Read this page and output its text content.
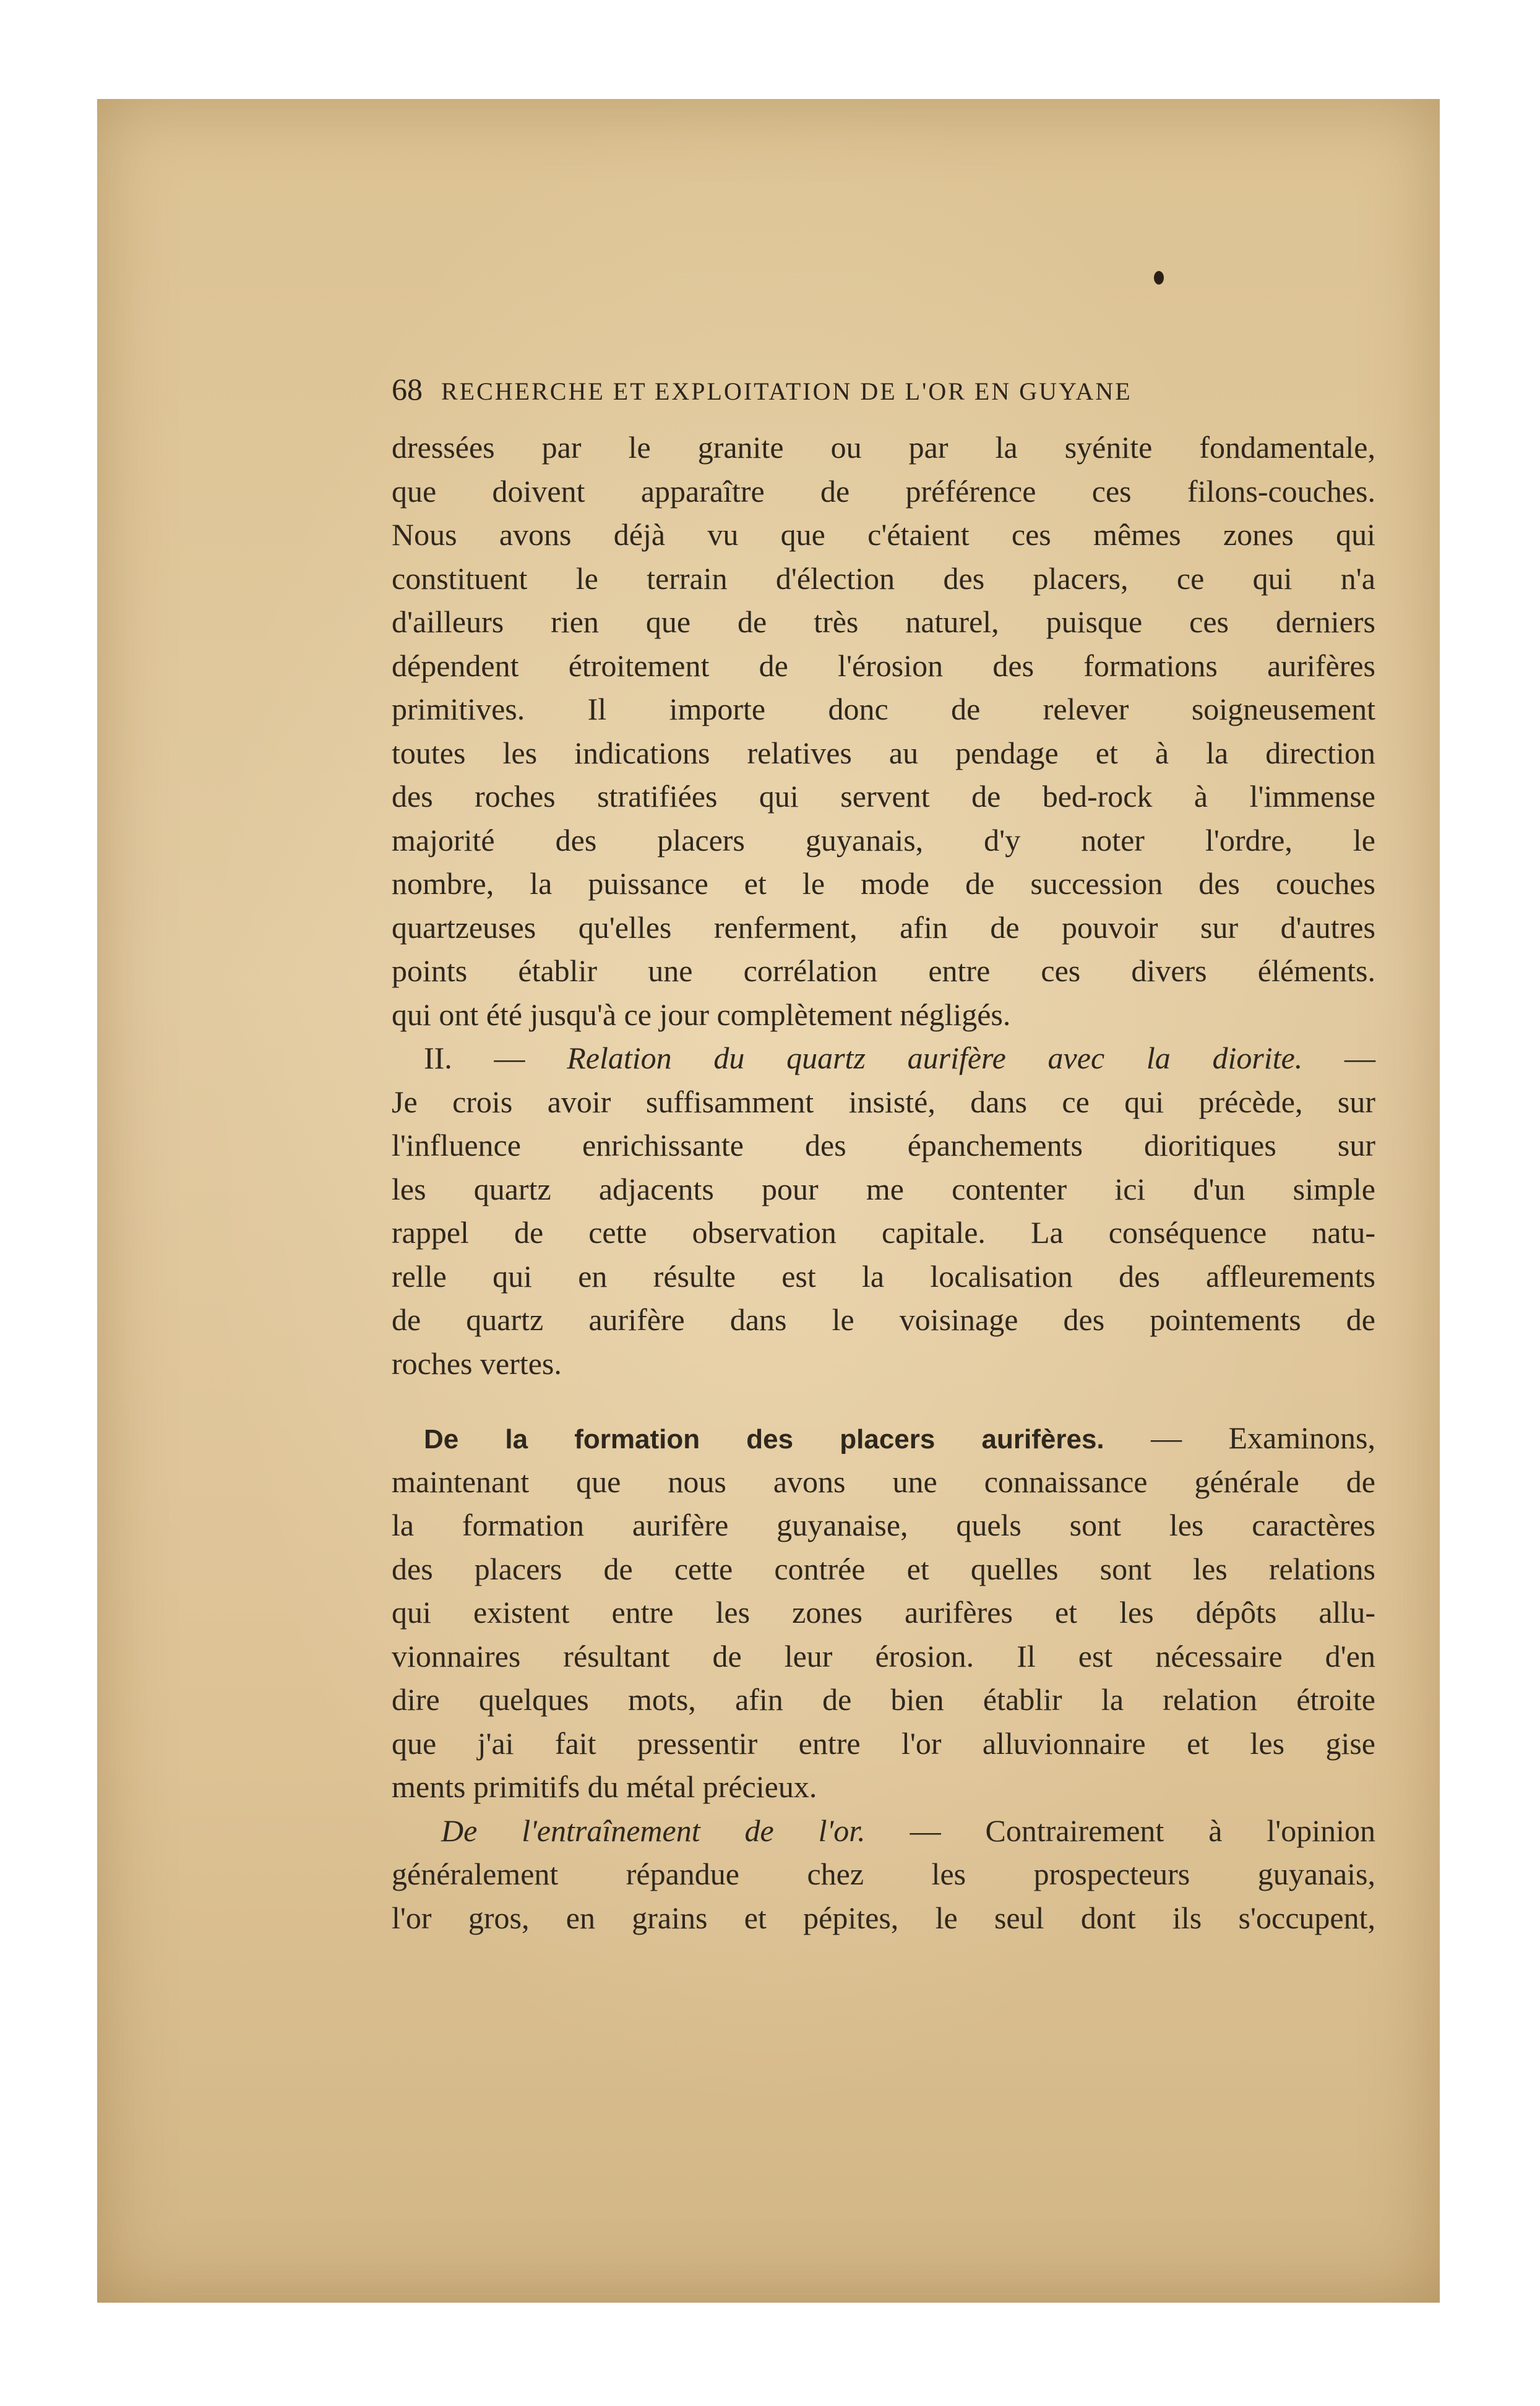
68 RECHERCHE ET EXPLOITATION DE L'OR EN GUYANE
dressées par le granite ou par la syénite fondamentale,
que doivent apparaître de préférence ces filons-couches.
Nous avons déjà vu que c'étaient ces mêmes zones qui
constituent le terrain d'élection des placers, ce qui n'a
d'ailleurs rien que de très naturel, puisque ces derniers
dépendent étroitement de l'érosion des formations aurifères
primitives. Il importe donc de relever soigneusement
toutes les indications relatives au pendage et à la direction
des roches stratifiées qui servent de bed-rock à l'immense
majorité des placers guyanais, d'y noter l'ordre, le
nombre, la puissance et le mode de succession des couches
quartzeuses qu'elles renferment, afin de pouvoir sur d'autres
points établir une corrélation entre ces divers éléments.
qui ont été jusqu'à ce jour complètement négligés.
II. — Relation du quartz aurifère avec la diorite. —
Je crois avoir suffisamment insisté, dans ce qui précède, sur
l'influence enrichissante des épanchements dioritiques sur
les quartz adjacents pour me contenter ici d'un simple
rappel de cette observation capitale. La conséquence natu-
relle qui en résulte est la localisation des affleurements
de quartz aurifère dans le voisinage des pointements de
roches vertes.
De la formation des placers aurifères. — Examinons,
maintenant que nous avons une connaissance générale de
la formation aurifère guyanaise, quels sont les caractères
des placers de cette contrée et quelles sont les relations
qui existent entre les zones aurifères et les dépôts allu-
vionnaires résultant de leur érosion. Il est nécessaire d'en
dire quelques mots, afin de bien établir la relation étroite
que j'ai fait pressentir entre l'or alluvionnaire et les gise
ments primitifs du métal précieux.
De l'entraînement de l'or. — Contrairement à l'opinion
généralement répandue chez les prospecteurs guyanais,
l'or gros, en grains et pépites, le seul dont ils s'occupent,
